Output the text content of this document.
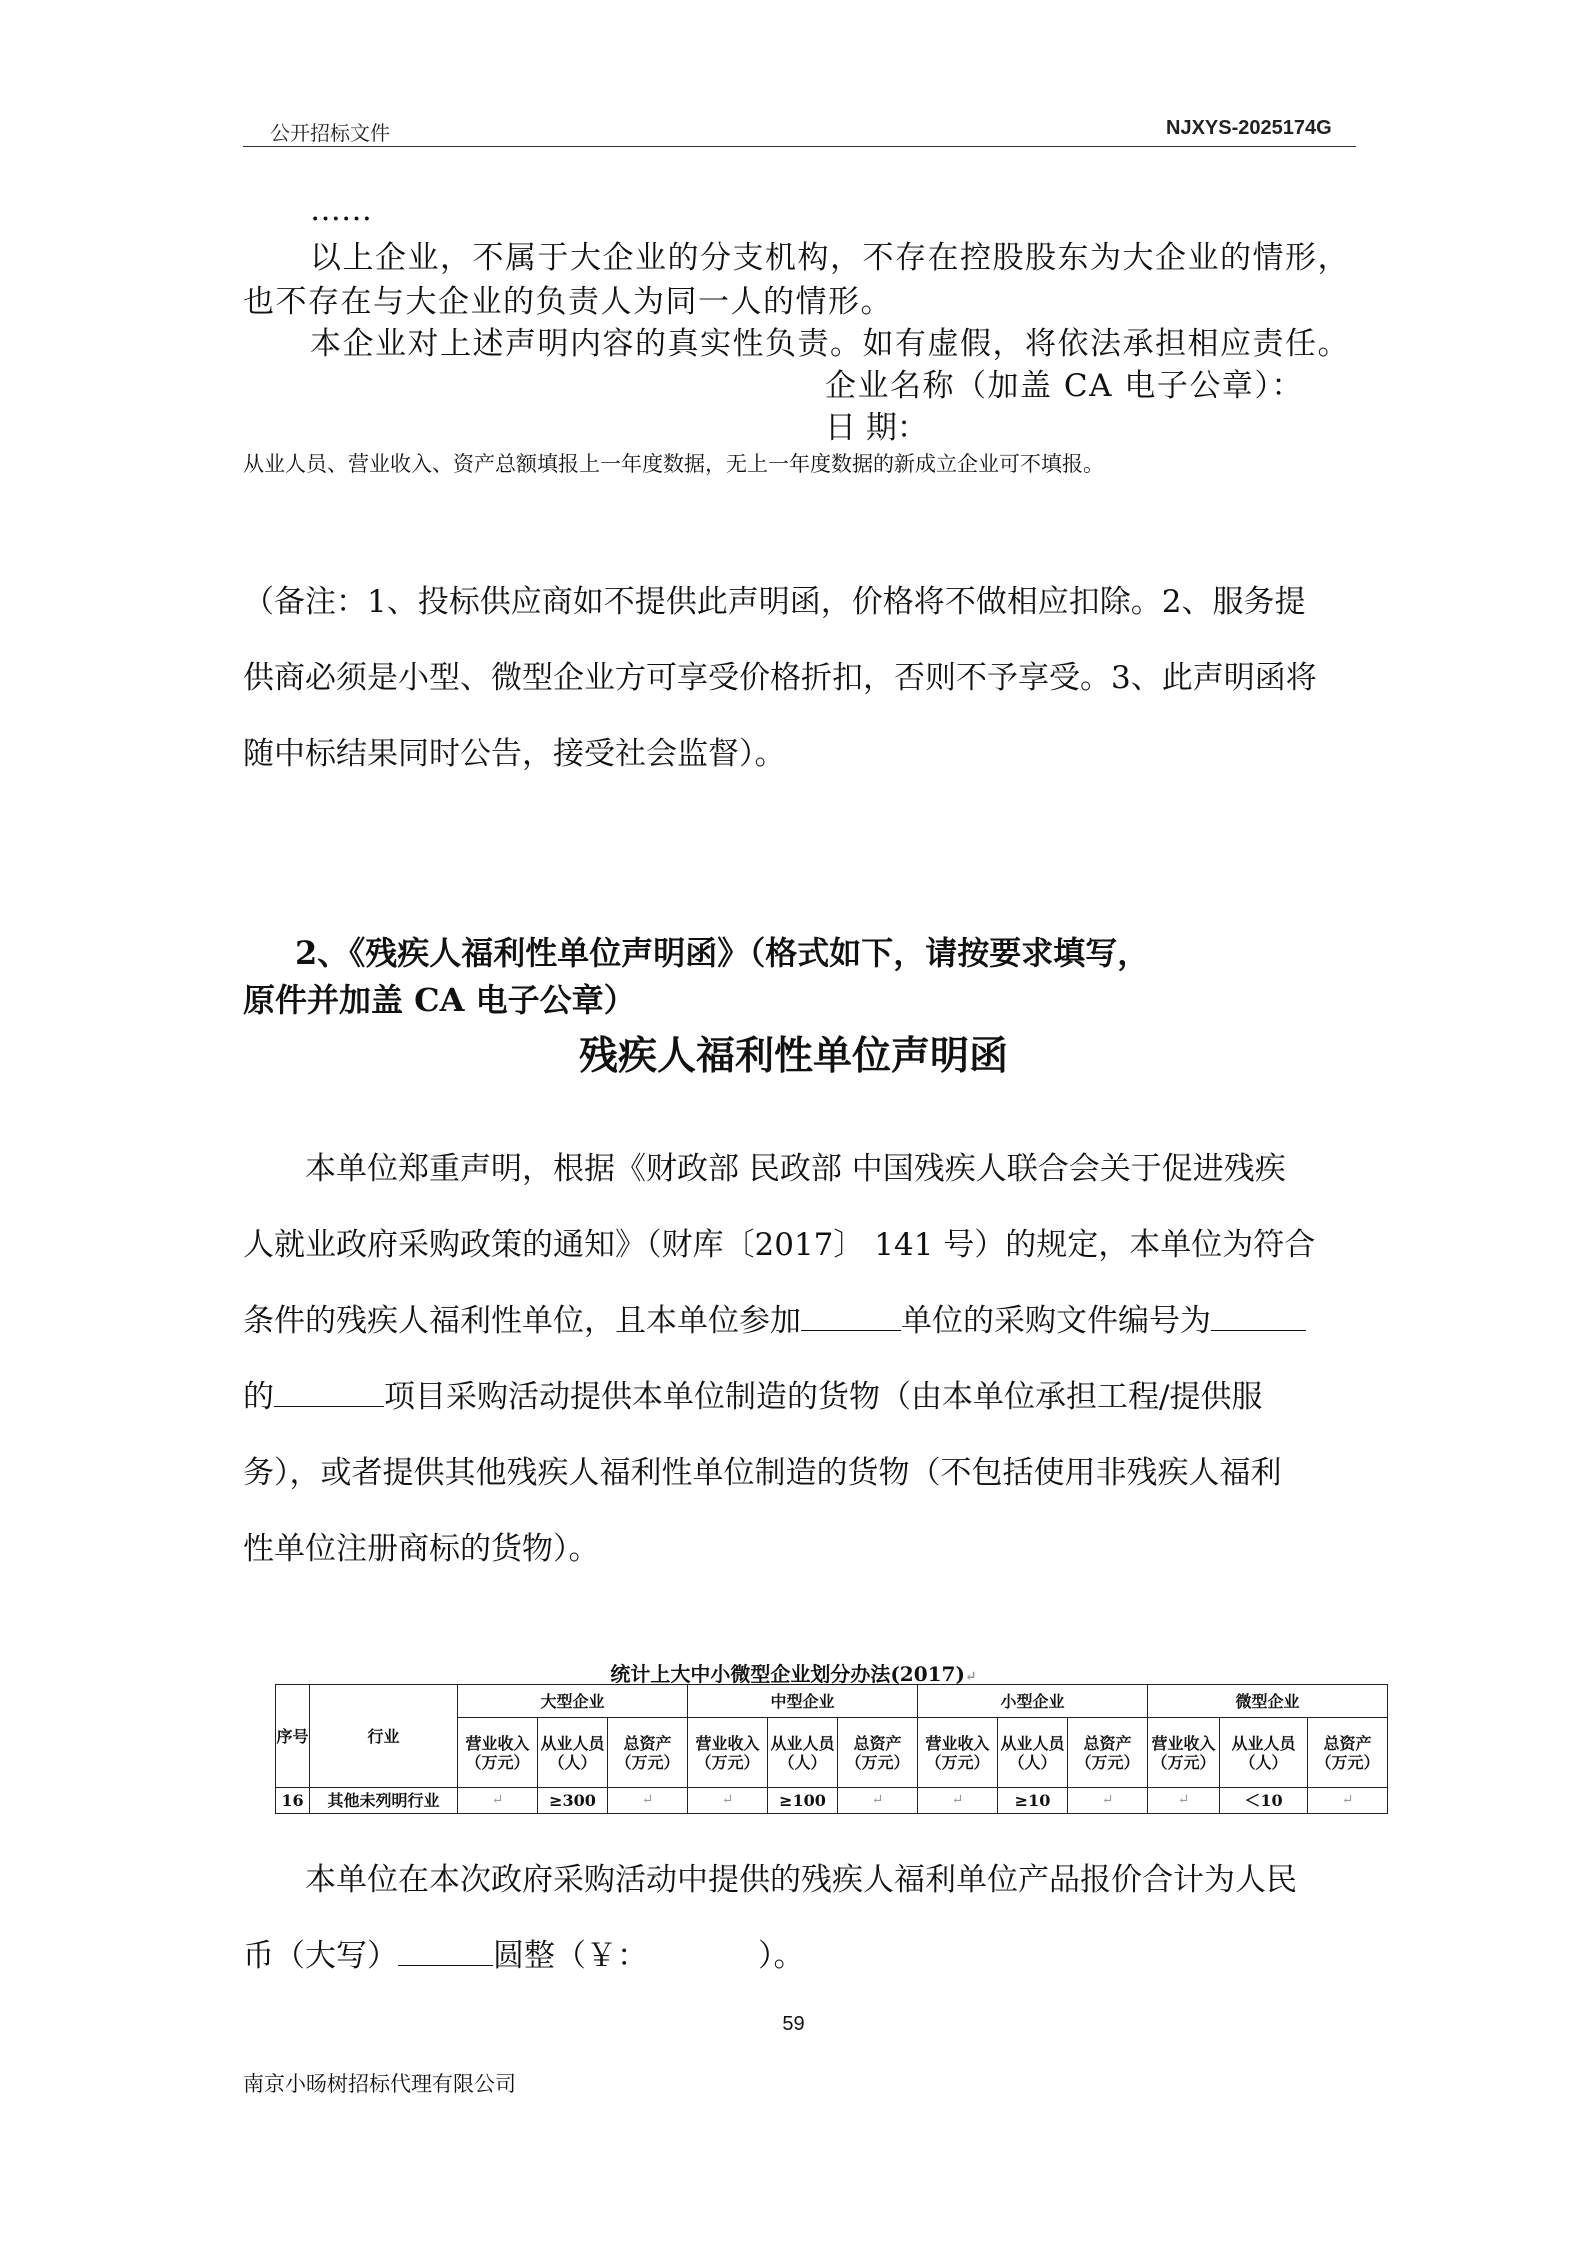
公开招标文件	NJXYS-2025174G
……
以上企业，不属于大企业的分支机构，不存在控股股东为大企业的情形，
也不存在与大企业的负责人为同一人的情形。
本企业对上述声明内容的真实性负责。如有虚假，将依法承担相应责任。
企业名称（加盖 CA 电子公章）：
日 期：
从业人员、营业收入、资产总额填报上一年度数据，无上一年度数据的新成立企业可不填报。
（备注：1、投标供应商如不提供此声明函，价格将不做相应扣除。2、服务提
供商必须是小型、微型企业方可享受价格折扣，否则不予享受。3、此声明函将
随中标结果同时公告，接受社会监督）。
2、《残疾人福利性单位声明函》（格式如下，请按要求填写，
原件并加盖 CA 电子公章）
残疾人福利性单位声明函
本单位郑重声明，根据《财政部 民政部 中国残疾人联合会关于促进残疾
人就业政府采购政策的通知》（财库〔2017〕 141 号）的规定，本单位为符合
条件的残疾人福利性单位，且本单位参加	单位的采购文件编号为
的	项目采购活动提供本单位制造的货物（由本单位承担工程/提供服
务），或者提供其他残疾人福利性单位制造的货物（不包括使用非残疾人福利
性单位注册商标的货物）。
统计上大中小微型企业划分办法(2017)↵
序号	行业	大型企业			中型企业			小型企业			微型企业		
		营业收入（万元）	从业人员（人）	总资产（万元）	营业收入（万元）	从业人员（人）	总资产（万元）	营业收入（万元）	从业人员（人）	总资产（万元）	营业收入（万元）	从业人员（人）	总资产（万元）
16	其他未列明行业	↵	≥300	↵	↵	≥100	↵	↵	≥10	↵	↵	＜10	↵
本单位在本次政府采购活动中提供的残疾人福利单位产品报价合计为人民
币（大写）	圆整（￥：	）。
59
南京小旸树招标代理有限公司
